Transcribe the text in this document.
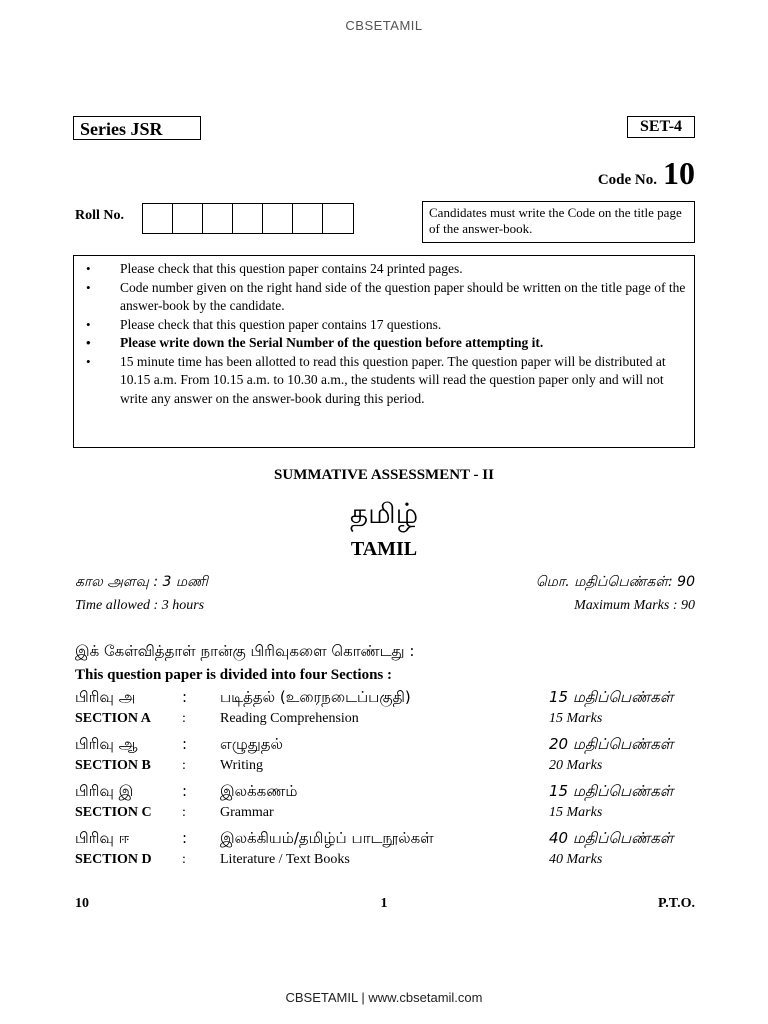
CBSETAMIL
Series JSR	SET-4
Code No. 10
Roll No.	Candidates must write the Code on the title page of the answer-book.
• Please check that this question paper contains 24 printed pages.
• Code number given on the right hand side of the question paper should be written on the title page of the answer-book by the candidate.
• Please check that this question paper contains 17 questions.
• Please write down the Serial Number of the question before attempting it.
• 15 minute time has been allotted to read this question paper. The question paper will be distributed at 10.15 a.m. From 10.15 a.m. to 10.30 a.m., the students will read the question paper only and will not write any answer on the answer-book during this period.
SUMMATIVE ASSESSMENT - II
தமிழ்
TAMIL
கால அளவு : 3 மணி	மொ. மதிப்பெண்கள்: 90
Time allowed : 3 hours	Maximum Marks : 90
இக் கேள்வித்தாள் நான்கு பிரிவுகளை கொண்டது :
This question paper is divided into four Sections :
பிரிவு அ	: படித்தல் (உரைநடைப்பகுதி)	15 மதிப்பெண்கள்
SECTION A : Reading Comprehension	15 Marks
பிரிவு ஆ	: எழுதுதல்	20 மதிப்பெண்கள்
SECTION B : Writing	20 Marks
பிரிவு இ	: இலக்கணம்	15 மதிப்பெண்கள்
SECTION C : Grammar	15 Marks
பிரிவு ஈ	: இலக்கியம்/தமிழ்ப் பாடநூல்கள்	40 மதிப்பெண்கள்
SECTION D : Literature / Text Books	40 Marks
10	1	P.T.O.
CBSETAMIL | www.cbsetamil.com
